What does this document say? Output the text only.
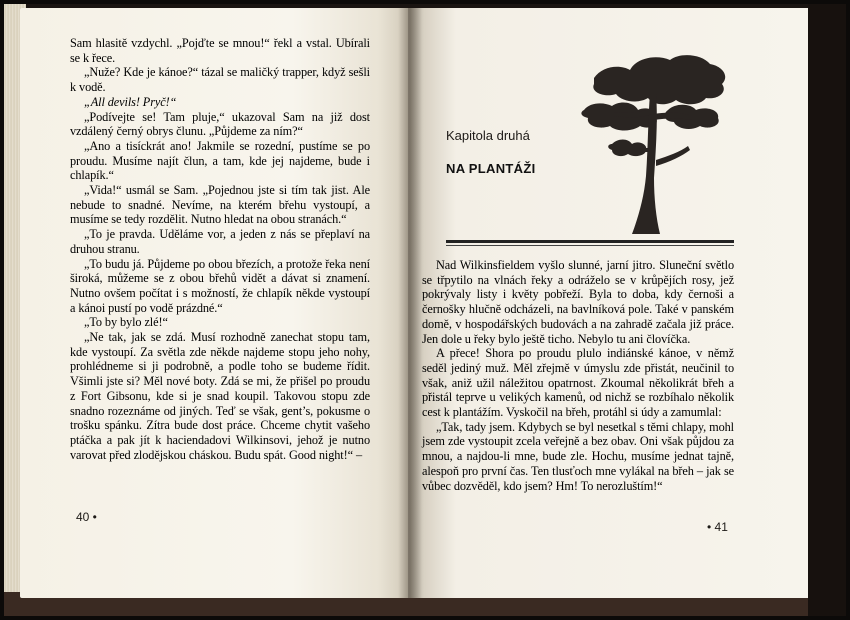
Sam hlasitě vzdychl. „Pojďte se mnou!“ řekl a vstal. Ubírali se k řece.

„Nuže? Kde je kánoe?“ tázal se maličký trapper, když sešli k vodě.

„All devils! Pryč!“

„Podívejte se! Tam pluje,“ ukazoval Sam na již dost vzdálený černý obrys člunu. „Půjdeme za ním?“

„Ano a tisíckrát ano! Jakmile se rozední, pustíme se po proudu. Musíme najít člun, a tam, kde jej najdeme, bude i chlapík.“

„Vida!“ usmál se Sam. „Pojednou jste si tím tak jist. Ale nebude to snadné. Nevíme, na kterém břehu vystoupí, a musíme se tedy rozdělit. Nutno hledat na obou stranách.“

„To je pravda. Uděláme vor, a jeden z nás se přeplaví na druhou stranu.

„To budu já. Půjdeme po obou březích, a protože řeka není široká, můžeme se z obou břehů vidět a dávat si znamení. Nutno ovšem počítat i s možností, že chlapík někde vystoupí a kánoi pustí po vodě prázdné.“

„To by bylo zlé!“

„Ne tak, jak se zdá. Musí rozhodně zanechat stopu tam, kde vystoupí. Za světla zde někde najdeme stopu jeho nohy, prohlédneme si ji podrobně, a podle toho se budeme řídit. Všimli jste si? Měl nové boty. Zdá se mi, že přišel po proudu z Fort Gibsonu, kde si je snad koupil. Takovou stopu zde snadno rozeznáme od jiných. Teď se však, gent’s, pokusme o trošku spánku. Zítra bude dost práce. Chceme chytit vašeho ptáčka a pak jít k haciendadovi Wilkinsovi, jehož je nutno varovat před zlodějskou cháskou. Budu spát. Good night!“ –

40 •
Kapitola druhá
NA PLANTÁŽI

Nad Wilkinsfieldem vyšlo slunné, jarní jitro. Sluneční světlo se třpytilo na vlnách řeky a odráželo se v krůpějích rosy, jež pokrývaly listy i květy pobřeží. Byla to doba, kdy černoši a černošky hlučně odcházeli, na bavlníková pole. Také v panském domě, v hospodářských budovách a na zahradě začala již práce. Jen dole u řeky bylo ještě ticho. Nebylo tu ani človíčka.

A přece! Shora po proudu plulo indiánské kánoe, v němž seděl jediný muž. Měl zřejmě v úmyslu zde přistát, neučinil to však, aniž užil náležitou opatrnost. Zkoumal několikrát břeh a přistál teprve u velikých kamenů, od nichž se rozbíhalo několik cest k plantážím. Vyskočil na břeh, protáhl si údy a zamumlal:

„Tak, tady jsem. Kdybych se byl nesetkal s těmi chlapy, mohl jsem zde vystoupit zcela veřejně a bez obav. Oni však půjdou za mnou, a najdou-li mne, bude zle. Hochu, musíme jednat tajně, alespoň pro první čas. Ten tlusťoch mne vylákal na břeh – jak se vůbec dozvěděl, kdo jsem? Hm! To nerozluštím!“

• 41
